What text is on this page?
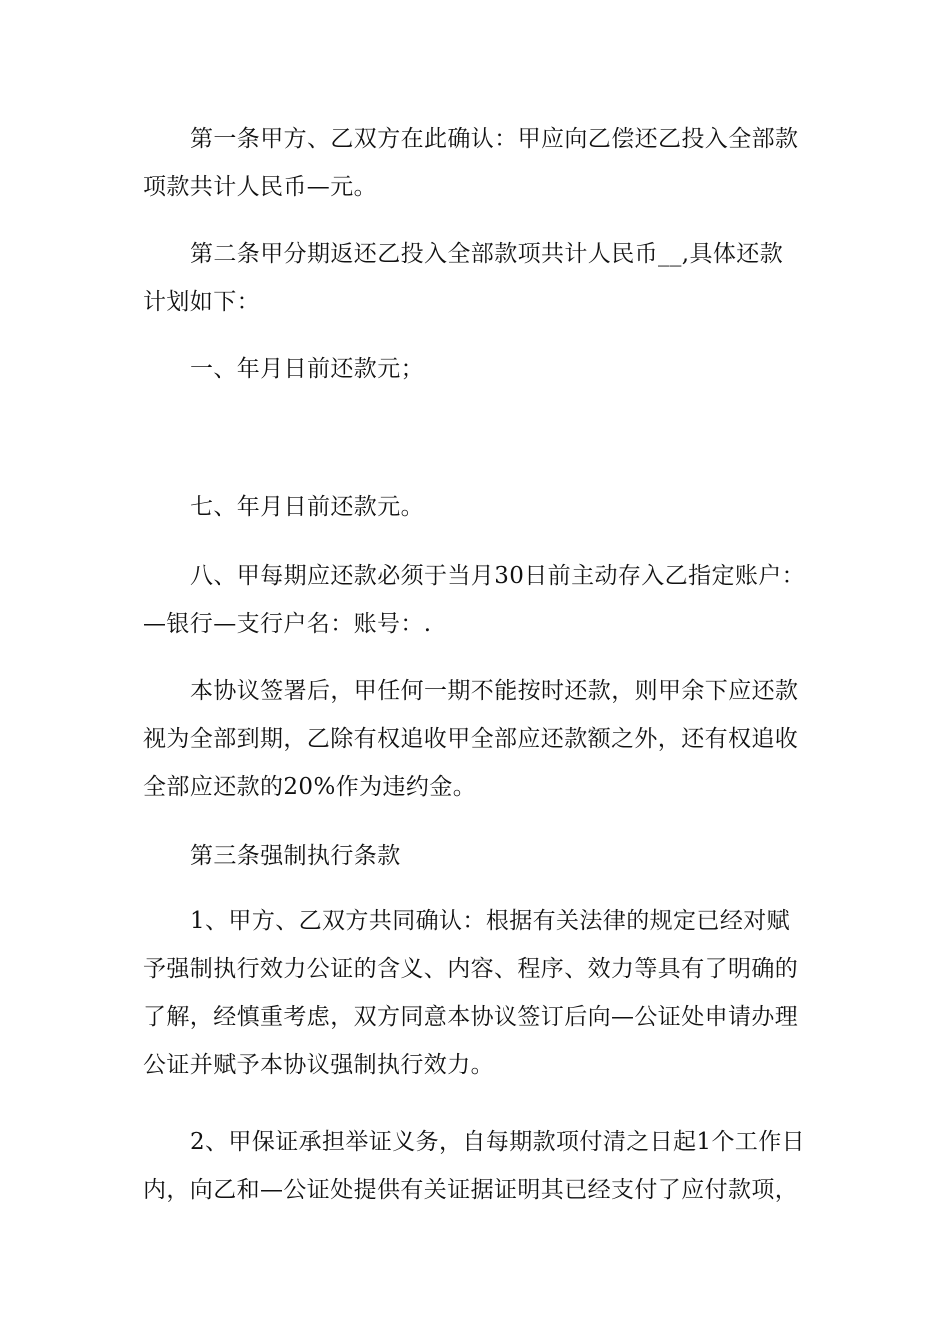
第一条甲方、乙双方在此确认：甲应向乙偿还乙投入全部款
项款共计人民币—元。

第二条甲分期返还乙投入全部款项共计人民币__,具体还款
计划如下：

一、年月日前还款元；

七、年月日前还款元。

八、甲每期应还款必须于当月30日前主动存入乙指定账户：
—银行—支行户名：账号：.

本协议签署后，甲任何一期不能按时还款，则甲余下应还款
视为全部到期，乙除有权追收甲全部应还款额之外，还有权追收
全部应还款的20%作为违约金。

第三条强制执行条款

1、甲方、乙双方共同确认：根据有关法律的规定已经对赋
予强制执行效力公证的含义、内容、程序、效力等具有了明确的
了解，经慎重考虑，双方同意本协议签订后向—公证处申请办理
公证并赋予本协议强制执行效力。

2、甲保证承担举证义务，自每期款项付清之日起1个工作日
内，向乙和—公证处提供有关证据证明其已经支付了应付款项，
